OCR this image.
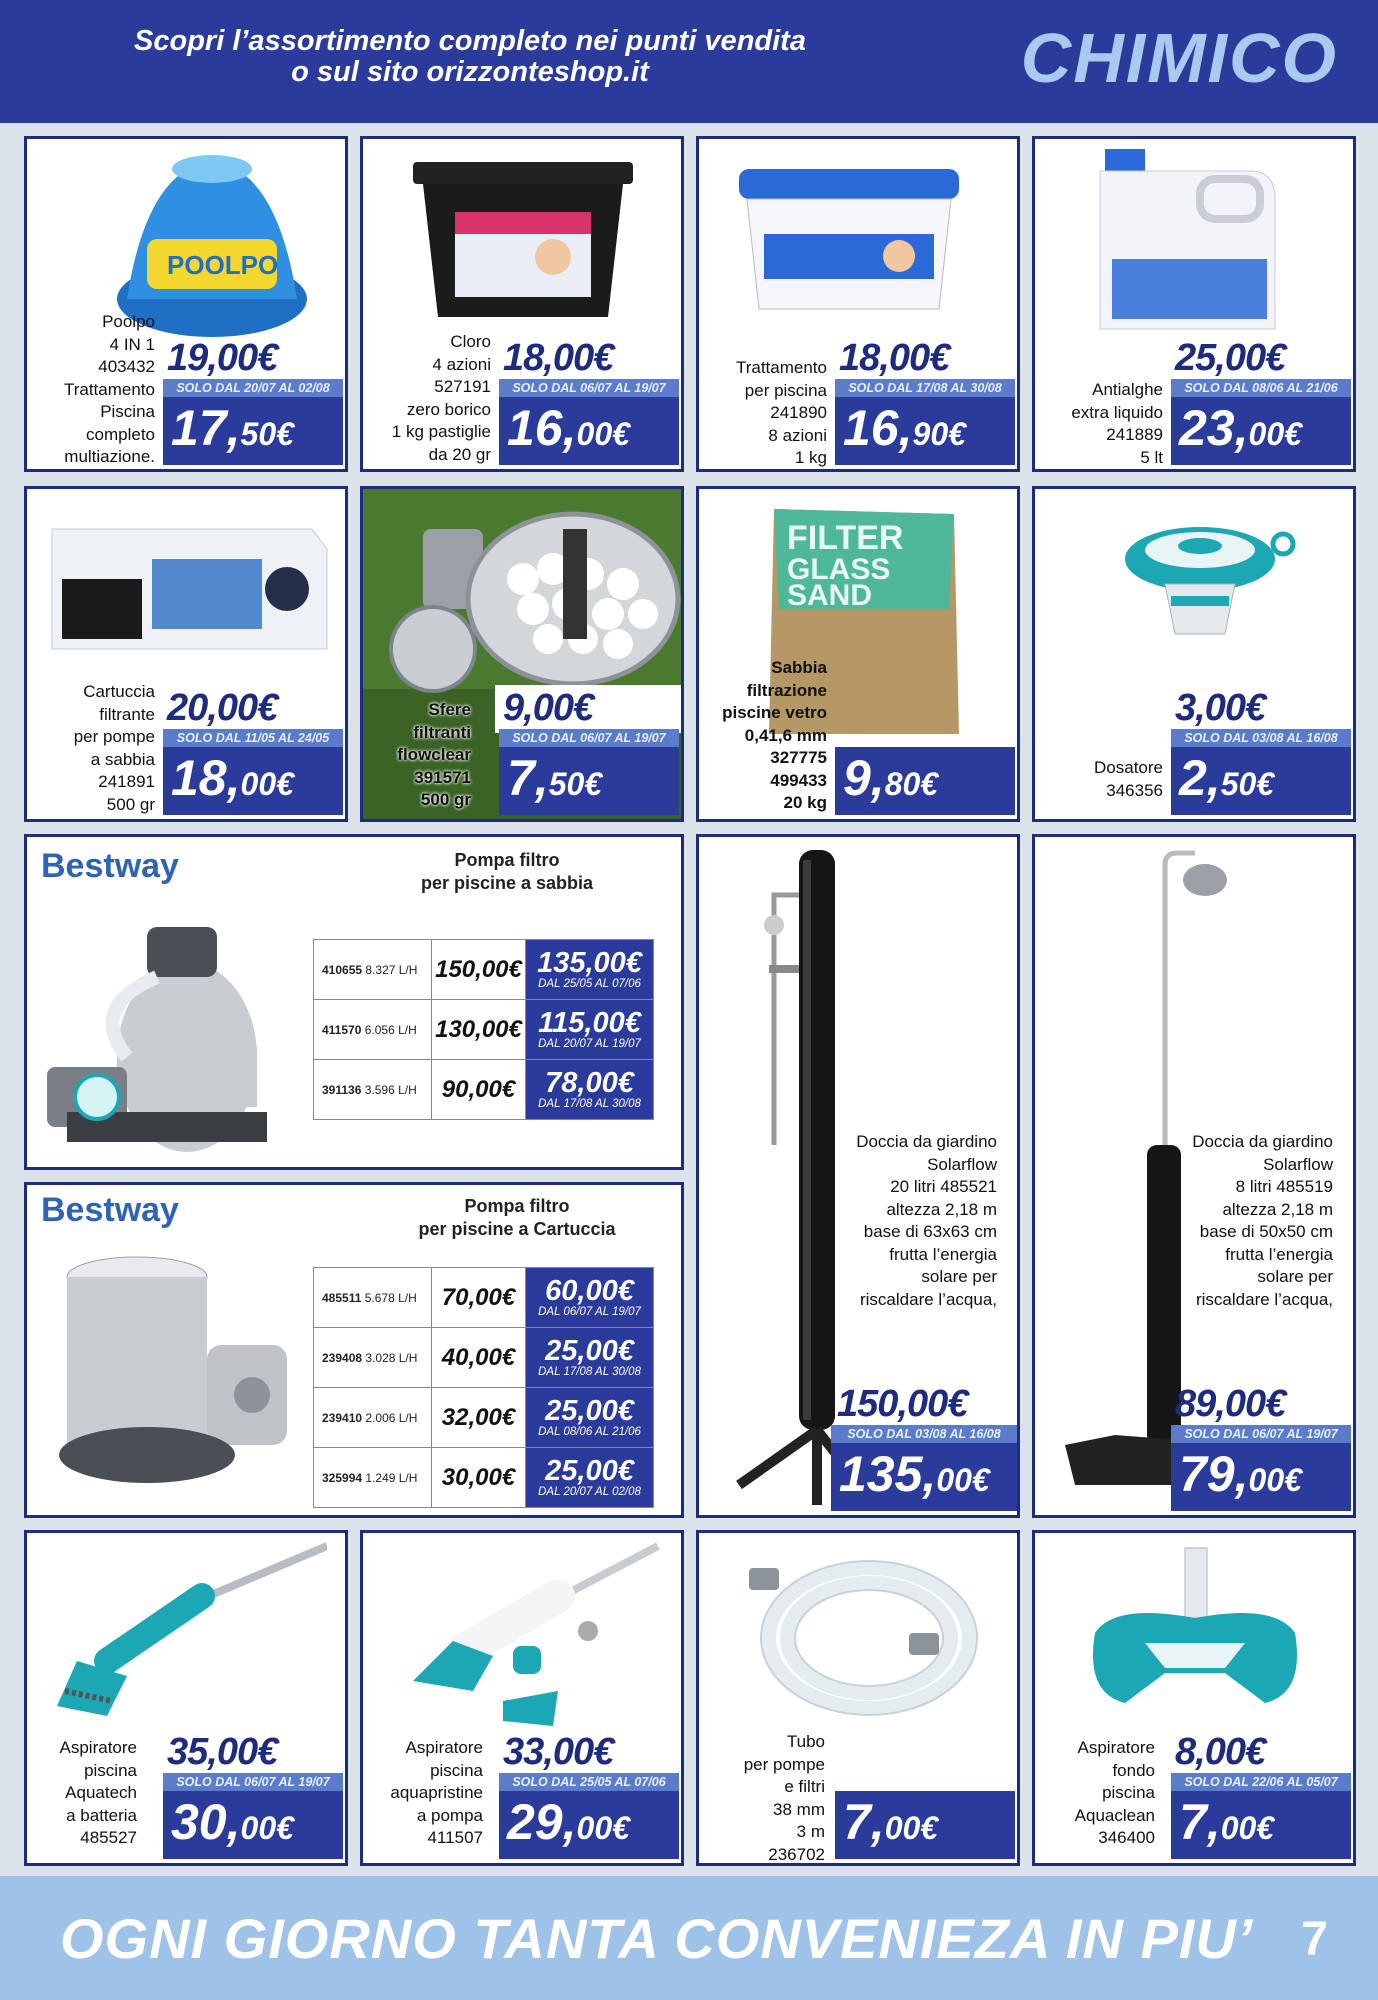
Scopri l’assortimento completo nei punti vendita
o sul sito orizzonteshop.it	CHIMICO
POOLPO
Poolpo
4 IN 1
403432
Trattamento
Piscina
completo
multiazione.
19,00€
SOLO DAL 20/07 AL 02/08
17,50€
Cloro
4 azioni
527191
zero borico
1 kg pastiglie
da 20 gr
18,00€
SOLO DAL 06/07 AL 19/07
16,00€
Trattamento
per piscina
241890
8 azioni
1 kg
18,00€
SOLO DAL 17/08 AL 30/08
16,90€
Antialghe
extra liquido
241889
5 lt
25,00€
SOLO DAL 08/06 AL 21/06
23,00€
Cartuccia
filtrante
per pompe
a sabbia
241891
500 gr
20,00€
SOLO DAL 11/05 AL 24/05
18,00€
Sfere
filtranti
flowclear
391571
500 gr
9,00€
SOLO DAL 06/07 AL 19/07
7,50€
FILTER
GLASS
SAND
Sabbia
filtrazione
piscine vetro
0,41,6 mm
327775
499433
20 kg 9,80€	Dosatore
346356
3,00€
SOLO DAL 03/08 AL 16/08
2,50€
Bestway	Pompa filtro
per piscine a sabbia
410655 8.327 L/H	150,00€	135,00€
DAL 25/05 AL 07/06

411570 6.056 L/H	130,00€	115,00€
DAL 20/07 AL 19/07

391136 3.596 L/H	90,00€	78,00€
DAL 17/08 AL 30/08
Bestway	Pompa filtro
per piscine a Cartuccia
485511 5.678 L/H	70,00€	60,00€
DAL 06/07 AL 19/07

239408 3.028 L/H	40,00€	25,00€
DAL 17/08 AL 30/08

239410 2.006 L/H	32,00€	25,00€
DAL 08/06 AL 21/06

325994 1.249 L/H	30,00€	25,00€
DAL 20/07 AL 02/08
Doccia da giardino
Solarflow
20 litri 485521
altezza 2,18 m
base di 63x63 cm
frutta l’energia
solare per
riscaldare l’acqua,
150,00€
SOLO DAL 03/08 AL 16/08
135,00€
Doccia da giardino
Solarflow
8 litri 485519
altezza 2,18 m
base di 50x50 cm
frutta l’energia
solare per
riscaldare l’acqua,
89,00€
SOLO DAL 06/07 AL 19/07
79,00€
Aspiratore
piscina
Aquatech
a batteria
485527
35,00€
SOLO DAL 06/07 AL 19/07
30,00€
Aspiratore
piscina
aquapristine
a pompa
411507
33,00€
SOLO DAL 25/05 AL 07/06
29,00€
Tubo
per pompe
e filtri
38 mm
3 m
236702
7,00€
Aspiratore
fondo
piscina
Aquaclean
346400
8,00€
SOLO DAL 22/06 AL 05/07
7,00€
OGNI GIORNO TANTA CONVENIEZA IN PIU’ 7
